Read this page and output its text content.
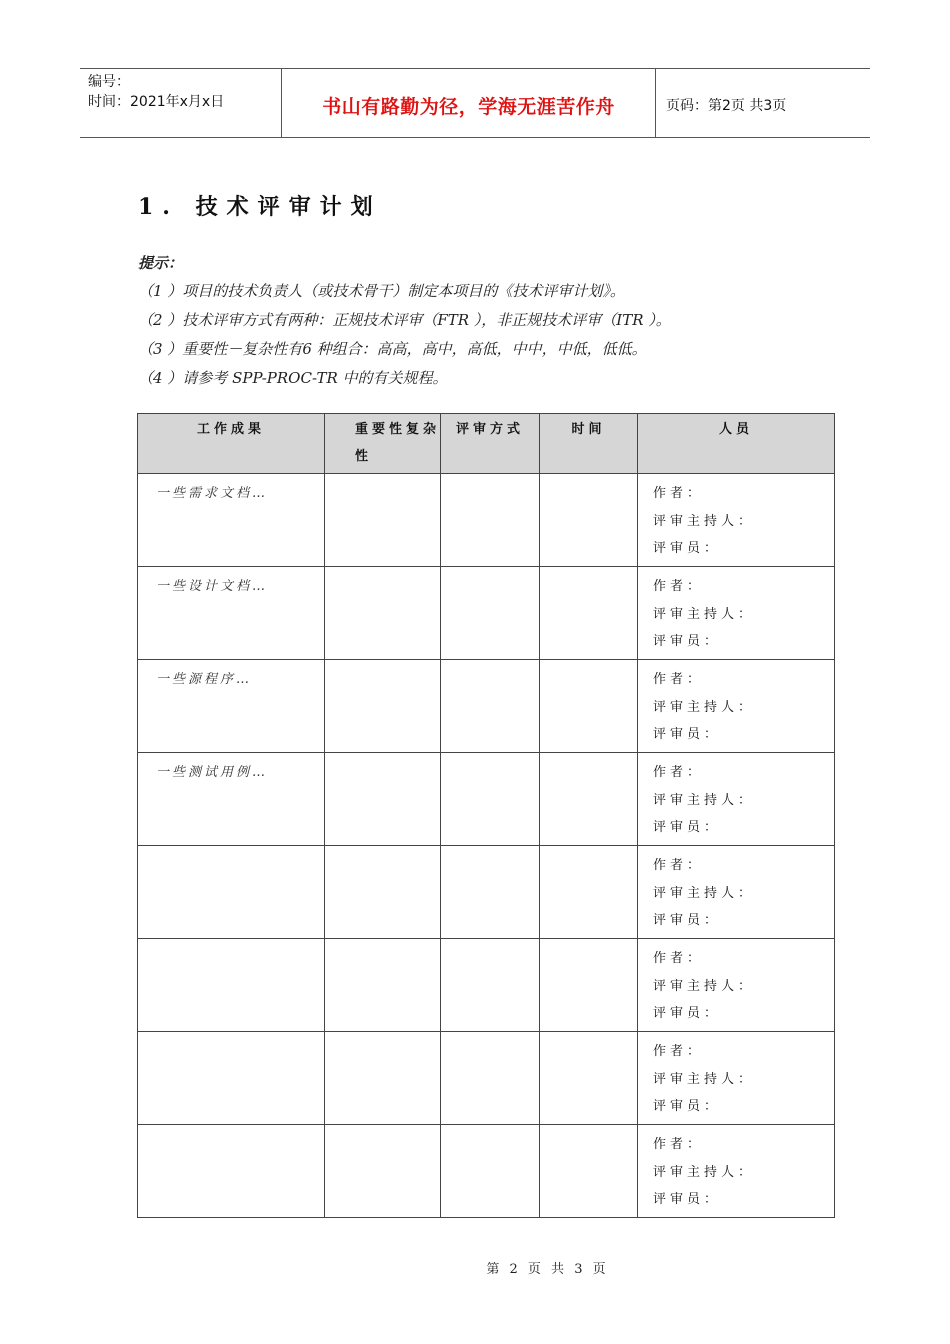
编号：
时间：2021年x月x日	书山有路勤为径，学海无涯苦作舟	页码：第2页 共3页
1. 技术评审计划
提示：
（1 ）项目的技术负责人（或技术骨干）制定本项目的《技术评审计划》。
（2 ）技术评审方式有两种：正规技术评审（FTR ），非正规技术评审（ITR ）。
（3 ）重要性－复杂性有6 种组合：高高，高中，高低，中中，中低，低低。
（4 ）请参考 SPP-PROC-TR 中的有关规程。
工作成果	重要性复杂性	评审方式	时间	人员
一些需求文档…				作者：
评审主持人：
评审员：

一些设计文档…				作者：
评审主持人：
评审员：

一些源程序…				作者：
评审主持人：
评审员：

一些测试用例…				作者：
评审主持人：
评审员：

				作者：
评审主持人：
评审员：

				作者：
评审主持人：
评审员：

				作者：
评审主持人：
评审员：

				作者：
评审主持人：
评审员：
第 2 页 共 3 页
